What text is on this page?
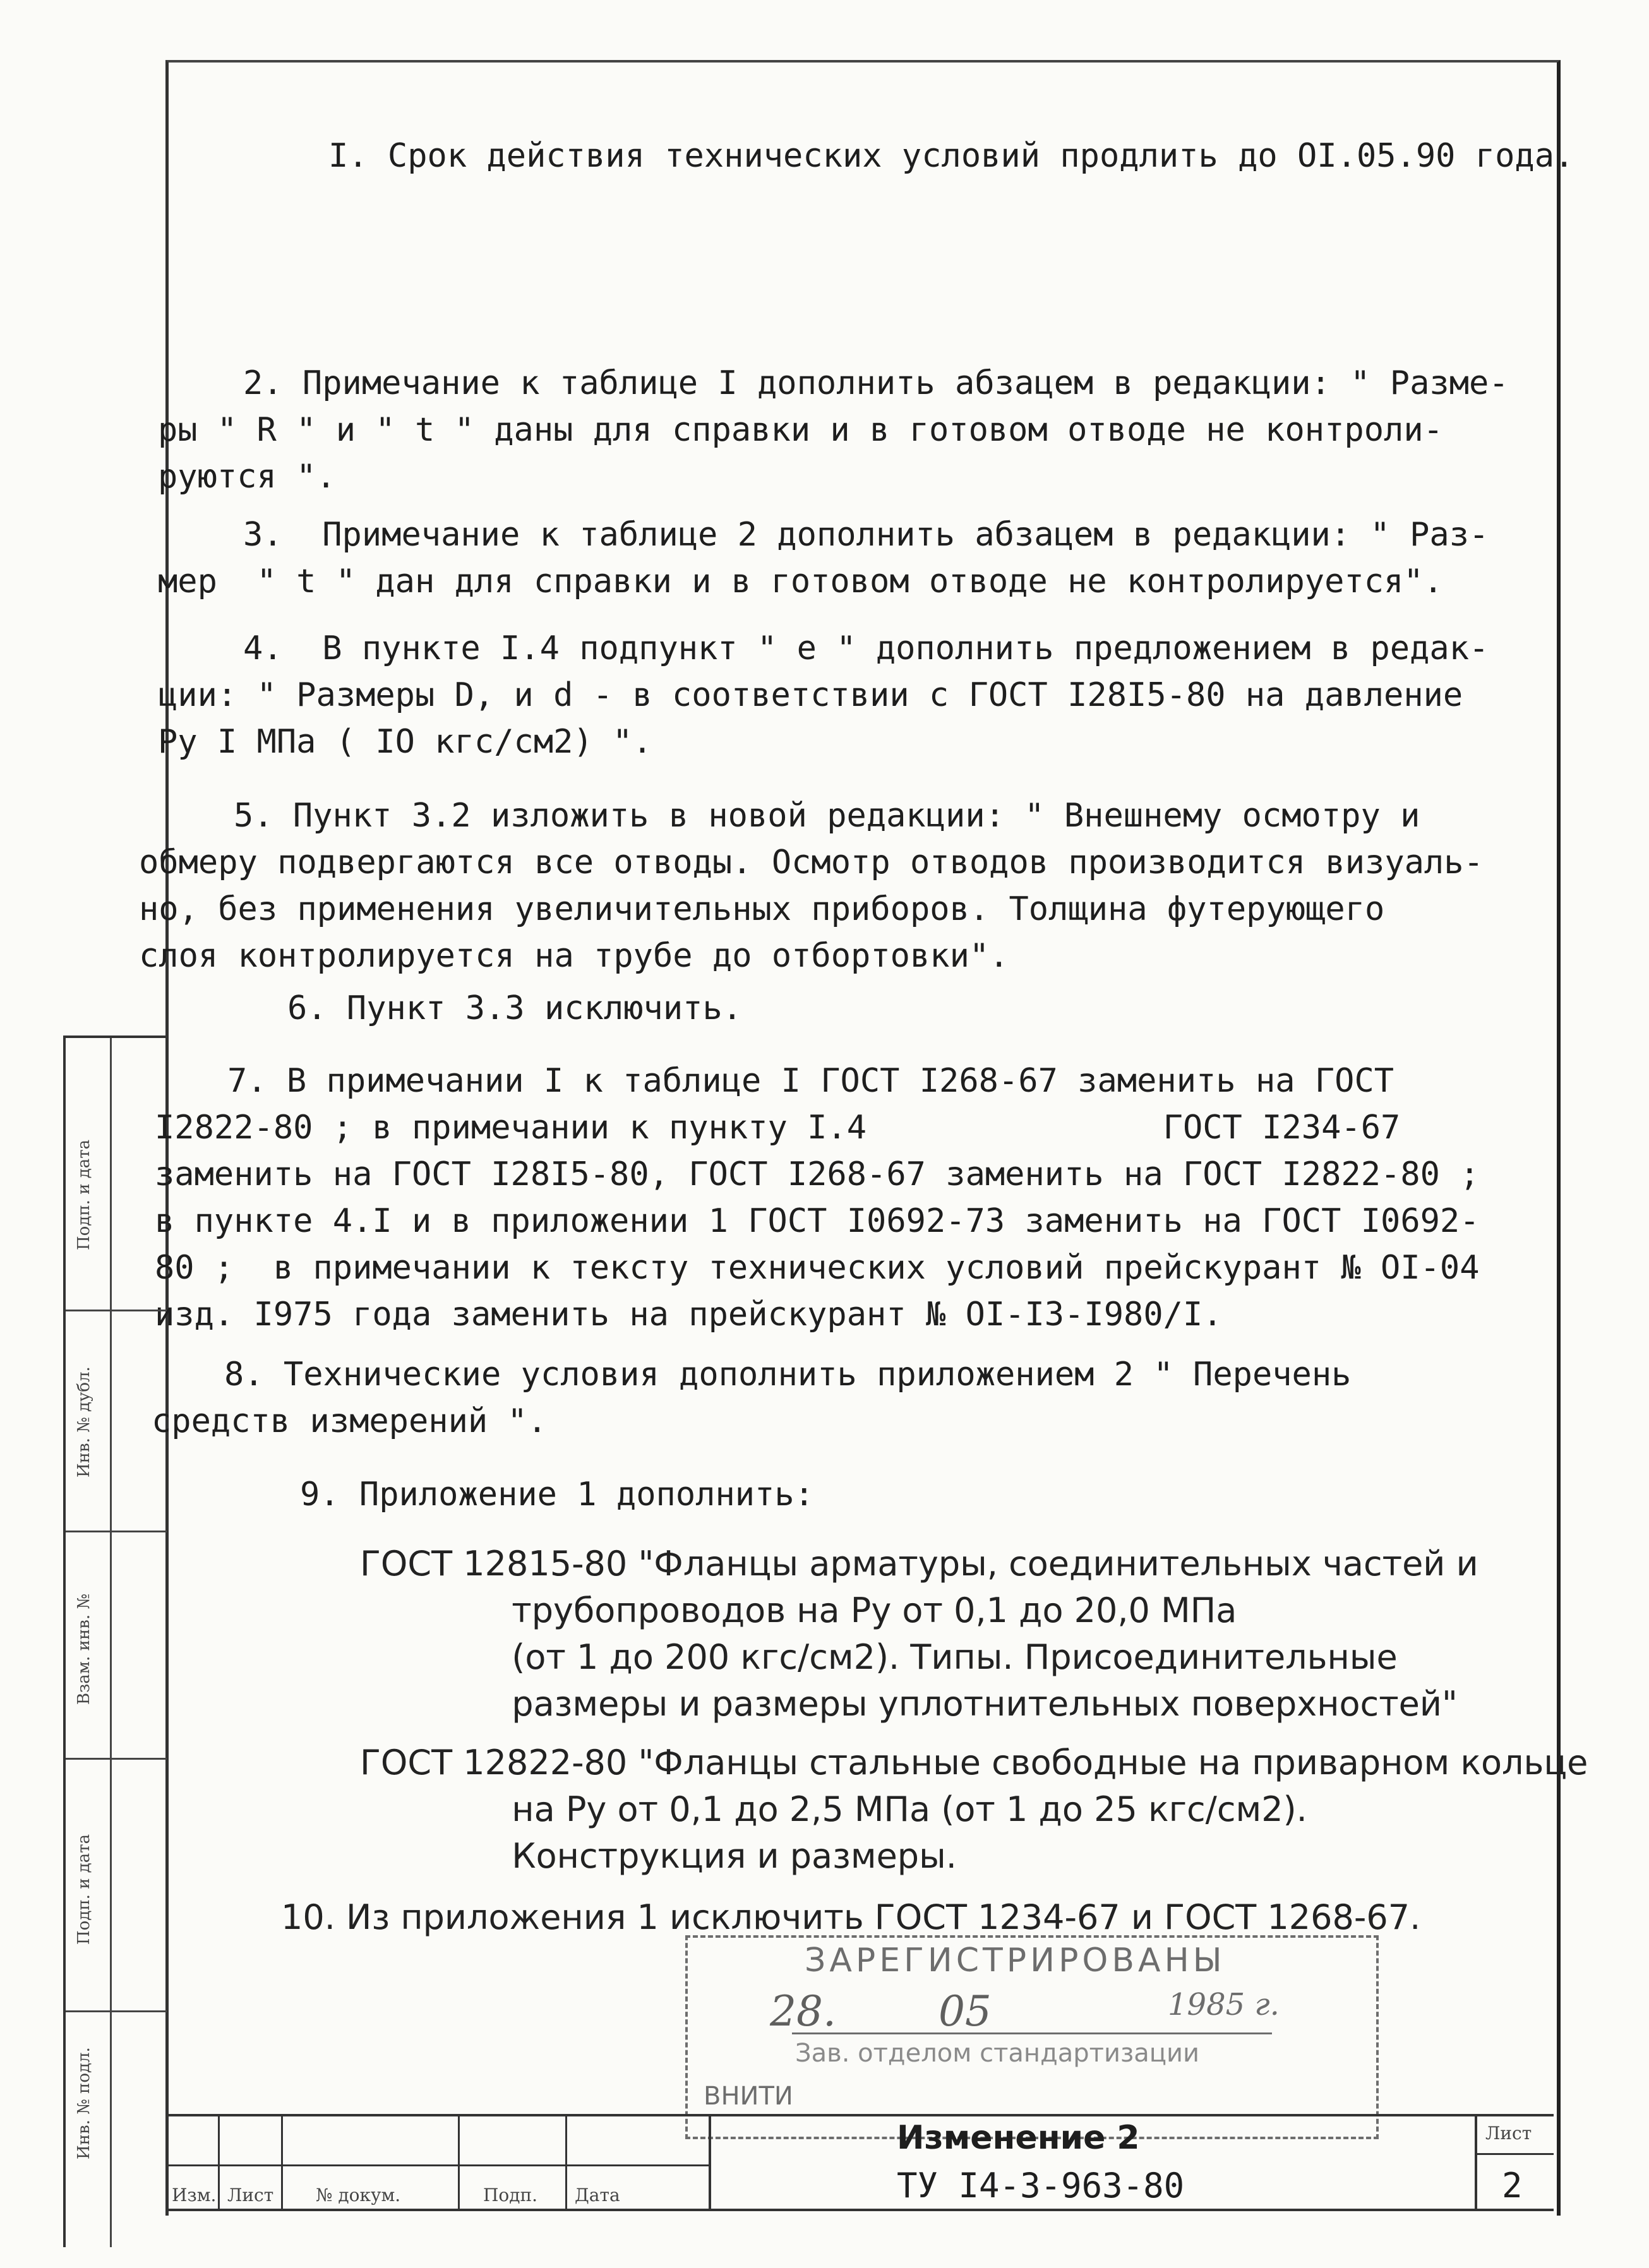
I. Срок действия технических условий продлить до OI.05.90 года.
2. Примечание к таблице I дополнить абзацем в редакции: " Разме-
ры " R " и " t " даны для справки и в готовом отводе не контроли-
руются ".
3.  Примечание к таблице 2 дополнить абзацем в редакции: " Раз-
мер  " t " дан для справки и в готовом отводе не контролируется".
4.  В пункте I.4 подпункт " е " дополнить предложением в редак-
ции: " Размеры D, и d - в соответствии с ГОСТ I28I5-80 на давление
Ру I МПа ( IO кгс/см2) ".
5. Пункт 3.2 изложить в новой редакции: " Внешнему осмотру и
обмеру подвергаются все отводы. Осмотр отводов производится визуаль-
но, без применения увеличительных приборов. Толщина футерующего
слоя контролируется на трубе до отбортовки".
6. Пункт 3.3 исключить.
7. В примечании I к таблице I ГОСТ I268-67 заменить на ГОСТ
I2822-80 ; в примечании к пункту I.4               ГОСТ I234-67
заменить на ГОСТ I28I5-80, ГОСТ I268-67 заменить на ГОСТ I2822-80 ;
в пункте 4.I и в приложении 1 ГОСТ I0692-73 заменить на ГОСТ I0692-
80 ;  в примечании к тексту технических условий прейскурант № OI-04
изд. I975 года заменить на прейскурант № OI-I3-I980/I.
8. Технические условия дополнить приложением 2 " Перечень
средств измерений ".
9. Приложение 1 дополнить:
ГОСТ 12815-80 "Фланцы арматуры, соединительных частей и
трубопроводов на Ру от 0,1 до 20,0 МПа
(от 1 до 200 кгс/см2). Типы. Присоединительные
размеры и размеры уплотнительных поверхностей"
ГОСТ 12822-80 "Фланцы стальные свободные на приварном кольце
на Ру от 0,1 до 2,5 МПа (от 1 до 25 кгс/см2).
Конструкция и размеры.
10. Из приложения 1 исключить ГОСТ 1234-67 и ГОСТ 1268-67.
Подп. и дата
Инв. № дубл.
Взам. инв. №
Подп. и дата
Инв. № подл.
ЗАРЕГИСТРИРОВАНЫ
28. 05	1985 г.
Зав. отделом стандартизации
ВНИТИ
Изм. Лист № докум.	Подп. Дата
Изменение 2
ТУ I4-3-963-80
Лист
2
